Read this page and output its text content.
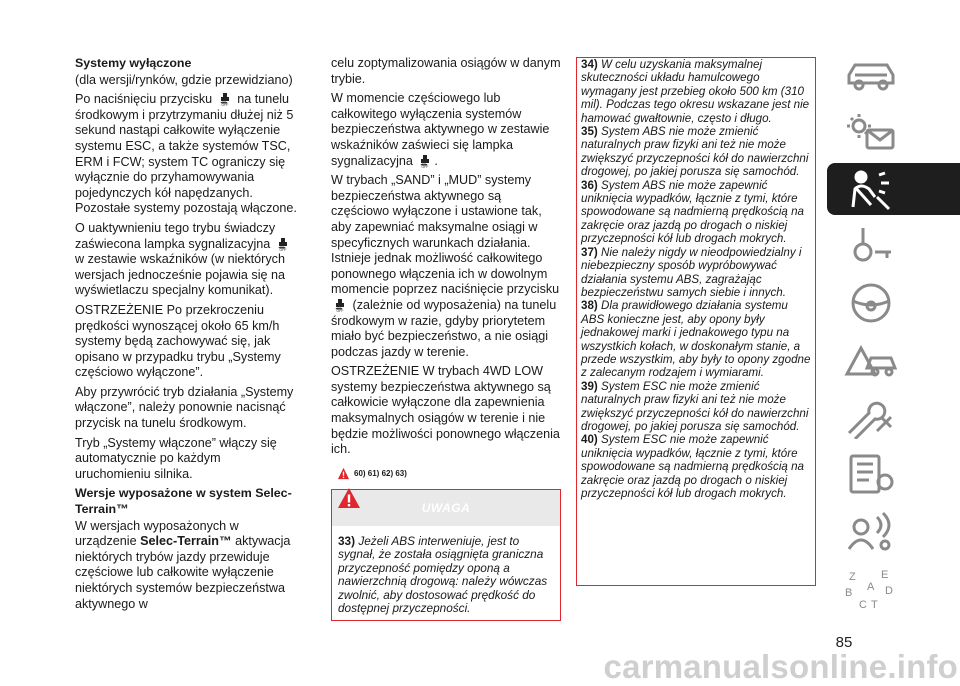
Systemy wyłączone
(dla wersji/rynków, gdzie przewidziano)
Po naciśnięciu przycisku	OFF na tunelu środkowym i przytrzymaniu dłużej niż 5 sekund nastąpi całkowite wyłączenie systemu ESC, a także systemów TSC, ERM i FCW; system TC ograniczy się wyłącznie do przyhamowywania pojedynczych kół napędzanych. Pozostałe systemy pozostają włączone.
O uaktywnieniu tego trybu świadczy zaświecona lampka sygnalizacyjna	OFF
w zestawie wskaźników (w niektórych wersjach jednocześnie pojawia się na wyświetlaczu specjalny komunikat).
OSTRZEŻENIE Po przekroczeniu prędkości wynoszącej około 65 km/h systemy będą zachowywać się, jak opisano w przypadku trybu „Systemy częściowo wyłączone”.
Aby przywrócić tryb działania „Systemy włączone”, należy ponownie nacisnąć przycisk na tunelu środkowym.
Tryb „Systemy włączone” włączy się automatycznie po każdym uruchomieniu silnika.
Wersje wyposażone w system Selec-Terrain™
W wersjach wyposażonych w urządzenie Selec-Terrain™ aktywacja niektórych trybów jazdy przewiduje częściowe lub całkowite wyłączenie niektórych systemów bezpieczeństwa aktywnego w
celu zoptymalizowania osiągów w danym trybie.
W momencie częściowego lub całkowitego wyłączenia systemów bezpieczeństwa aktywnego w zestawie wskaźników zaświeci się lampka sygnalizacyjna	OFF .
W trybach „SAND” i „MUD” systemy bezpieczeństwa aktywnego są częściowo wyłączone i ustawione tak, aby zapewniać maksymalne osiągi w specyficznych warunkach działania. Istnieje jednak możliwość całkowitego ponownego włączenia ich w dowolnym momencie poprzez naciśnięcie przycisku
OFF (zależnie od wyposażenia) na tunelu środkowym w razie, gdyby priorytetem miało być bezpieczeństwo, a nie osiągi podczas jazdy w terenie.
OSTRZEŻENIE W trybach 4WD LOW systemy bezpieczeństwa aktywnego są całkowicie wyłączone dla zapewnienia maksymalnych osiągów w terenie i nie będzie możliwości ponownego włączenia ich.
60) 61) 62) 63)
UWAGA
33) Jeżeli ABS interweniuje, jest to sygnał, że została osiągnięta graniczna przyczepność pomiędzy oponą a nawierzchnią drogową: należy wówczas zwolnić, aby dostosować prędkość do dostępnej przyczepności.

34) W celu uzyskania maksymalnej skuteczności układu hamulcowego wymagany jest przebieg około 500 km (310 mil). Podczas tego okresu wskazane jest nie hamować gwałtownie, często i długo.

35) System ABS nie może zmienić naturalnych praw fizyki ani też nie może zwiększyć przyczepności kół do nawierzchni drogowej, po jakiej porusza się samochód.

36) System ABS nie może zapewnić uniknięcia wypadków, łącznie z tymi, które spowodowane są nadmierną prędkością na zakręcie oraz jazdą po drogach o niskiej przyczepności kół lub drogach mokrych.

37) Nie należy nigdy w nieodpowiedzialny i niebezpieczny sposób wypróbowywać działania systemu ABS, zagrażając bezpieczeństwu samych siebie i innych.

38) Dla prawidłowego działania systemu ABS konieczne jest, aby opony były jednakowej marki i jednakowego typu na wszystkich kołach, w doskonałym stanie, a przede wszystkim, aby były to opony zgodne z zalecanym rodzajem i wymiarami.

39) System ESC nie może zmienić naturalnych praw fizyki ani też nie może zwiększyć przyczepności kół do nawierzchni drogowej, po jakiej porusza się samochód.

40) System ESC nie może zapewnić uniknięcia wypadków, łącznie z tymi, które spowodowane są nadmierną prędkością na zakręcie oraz jazdą po drogach o niskiej przyczepności kół lub drogach mokrych.

Z E
B	D
C T
A
85
carmanualsonline.info
